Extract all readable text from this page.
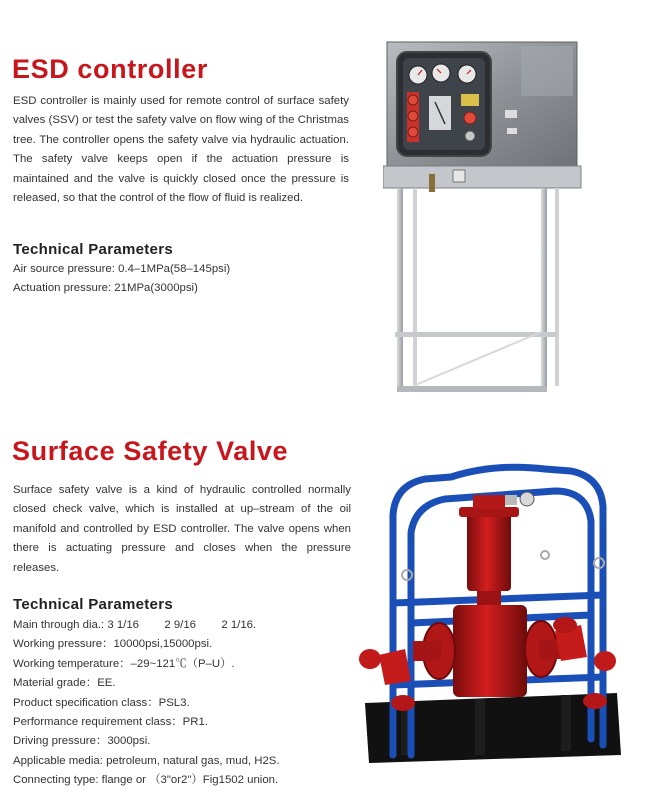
ESD controller

ESD controller is mainly used for remote control of surface safety valves (SSV) or test the safety valve on flow wing of the Christmas tree. The controller opens the safety valve via hydraulic actuation. The safety valve keeps open if the actuation pressure is maintained and the valve is quickly closed once the pressure is released, so that the control of the flow of fluid is realized.

Technical Parameters
Air source pressure: 0.4–1MPa(58–145psi)
Actuation pressure: 21MPa(3000psi)
Surface Safety Valve

Surface safety valve is a kind of hydraulic controlled normally closed check valve, which is installed at up–stream of the oil manifold and controlled by ESD controller. The valve opens when there is actuating pressure and closes when the pressure releases.

Technical Parameters
Main through dia.: 3 1/16        2 9/16        2 1/16.
Working pressure：10000psi,15000psi.
Working temperature：–29~121℃（P–U）.
Material grade：EE.
Product specification class：PSL3.
Performance requirement class：PR1.
Driving pressure：3000psi.
Applicable media: petroleum, natural gas, mud, H2S.
Connecting type: flange or （3"or2"）Fig1502 union.
